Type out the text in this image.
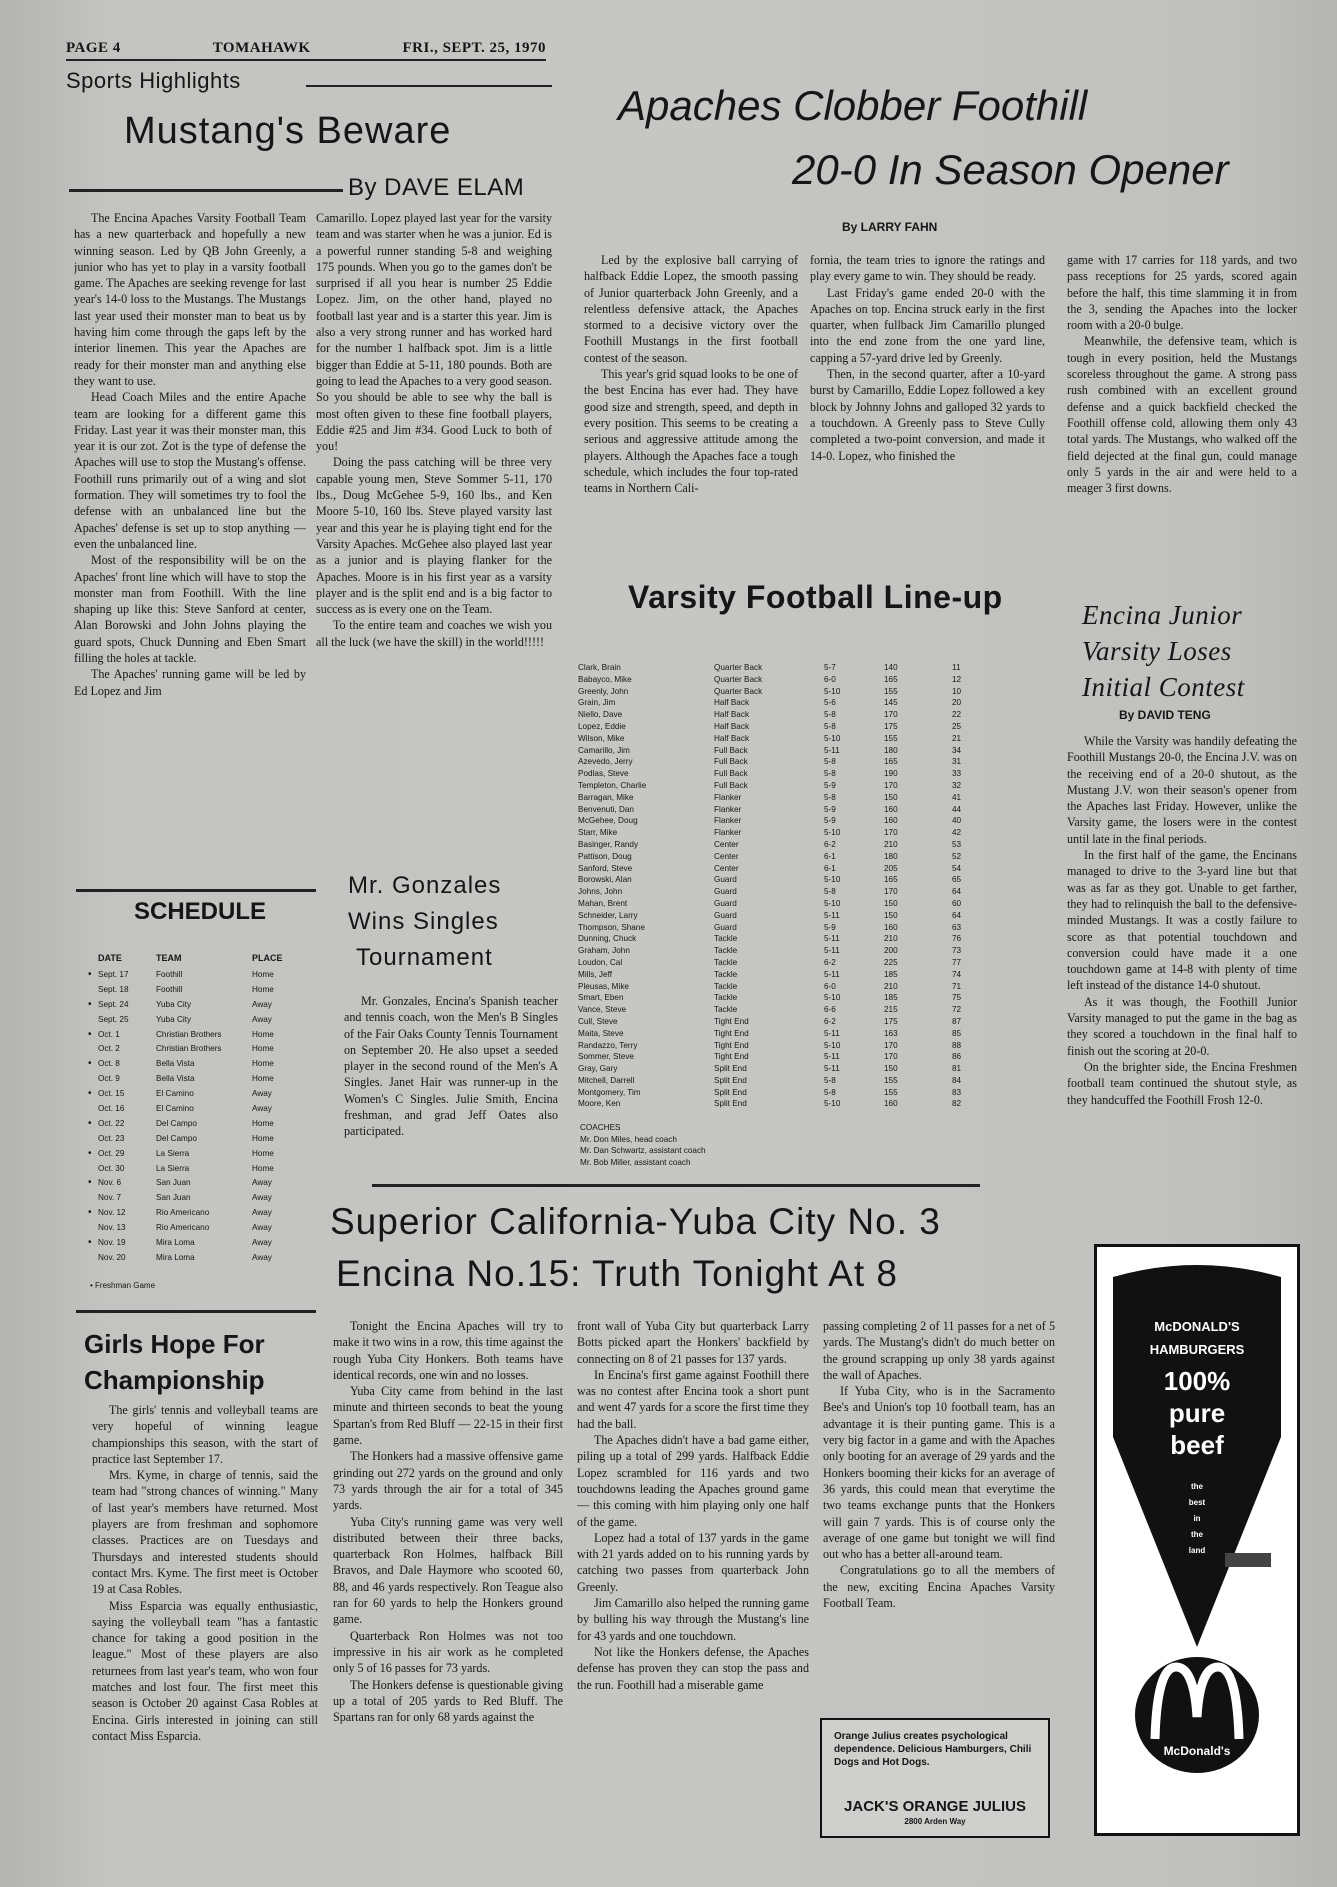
PAGE 4	TOMAHAWK	FRI., SEPT. 25, 1970
Sports Highlights
Mustang's Beware
By DAVE ELAM

The Encina Apaches Varsity Football Team has a new quarterback and hopefully a new winning season. Led by QB John Greenly, a junior who has yet to play in a varsity football game. The Apaches are seeking revenge for last year's 14-0 loss to the Mustangs. The Mustangs last year used their monster man to beat us by having him come through the gaps left by the interior linemen. This year the Apaches are ready for their monster man and anything else they want to use.

Head Coach Miles and the entire Apache team are looking for a different game this Friday. Last year it was their monster man, this year it is our zot. Zot is the type of defense the Apaches will use to stop the Mustang's offense. Foothill runs primarily out of a wing and slot formation. They will sometimes try to fool the defense with an unbalanced line but the Apaches' defense is set up to stop anything — even the unbalanced line.

Most of the responsibility will be on the Apaches' front line which will have to stop the monster man from Foothill. With the line shaping up like this: Steve Sanford at center, Alan Borowski and John Johns playing the guard spots, Chuck Dunning and Eben Smart filling the holes at tackle.

The Apaches' running game will be led by Ed Lopez and Jim

Camarillo. Lopez played last year for the varsity team and was starter when he was a junior. Ed is a powerful runner standing 5-8 and weighing 175 pounds. When you go to the games don't be surprised if all you hear is number 25 Eddie Lopez. Jim, on the other hand, played no football last year and is a starter this year. Jim is also a very strong runner and has worked hard for the number 1 halfback spot. Jim is a little bigger than Eddie at 5-11, 180 pounds. Both are going to lead the Apaches to a very good season. So you should be able to see why the ball is most often given to these fine football players, Eddie #25 and Jim #34. Good Luck to both of you!

Doing the pass catching will be three very capable young men, Steve Sommer 5-11, 170 lbs., Doug McGehee 5-9, 160 lbs., and Ken Moore 5-10, 160 lbs. Steve played varsity last year and this year he is playing tight end for the Varsity Apaches. McGehee also played last year as a junior and is playing flanker for the Apaches. Moore is in his first year as a varsity player and is the split end and is a big factor to success as is every one on the Team.

To the entire team and coaches we wish you all the luck (we have the skill) in the world!!!!!

Apaches Clobber Foothill
20-0 In Season Opener
By LARRY FAHN

Led by the explosive ball carrying of halfback Eddie Lopez, the smooth passing of Junior quarterback John Greenly, and a relentless defensive attack, the Apaches stormed to a decisive victory over the Foothill Mustangs in the first football contest of the season.

This year's grid squad looks to be one of the best Encina has ever had. They have good size and strength, speed, and depth in every position. This seems to be creating a serious and aggressive attitude among the players. Although the Apaches face a tough schedule, which includes the four top-rated teams in Northern Cali-

fornia, the team tries to ignore the ratings and play every game to win. They should be ready.

Last Friday's game ended 20-0 with the Apaches on top. Encina struck early in the first quarter, when fullback Jim Camarillo plunged into the end zone from the one yard line, capping a 57-yard drive led by Greenly.

Then, in the second quarter, after a 10-yard burst by Camarillo, Eddie Lopez followed a key block by Johnny Johns and galloped 32 yards to a touchdown. A Greenly pass to Steve Cully completed a two-point conversion, and made it 14-0. Lopez, who finished the

game with 17 carries for 118 yards, and two pass receptions for 25 yards, scored again before the half, this time slamming it in from the 3, sending the Apaches into the locker room with a 20-0 bulge.

Meanwhile, the defensive team, which is tough in every position, held the Mustangs scoreless throughout the game. A strong pass rush combined with an excellent ground defense and a quick backfield checked the Foothill offense cold, allowing them only 43 total yards. The Mustangs, who walked off the field dejected at the final gun, could manage only 5 yards in the air and were held to a meager 3 first downs.

Encina Junior
Varsity Loses
Initial Contest
By DAVID TENG

While the Varsity was handily defeating the Foothill Mustangs 20-0, the Encina J.V. was on the receiving end of a 20-0 shutout, as the Mustang J.V. won their season's opener from the Apaches last Friday. However, unlike the Varsity game, the losers were in the contest until late in the final periods.

In the first half of the game, the Encinans managed to drive to the 3-yard line but that was as far as they got. Unable to get farther, they had to relinquish the ball to the defensive-minded Mustangs. It was a costly failure to score as that potential touchdown and conversion could have made it a one touchdown game at 14-8 with plenty of time left instead of the distance 14-0 shutout.

As it was though, the Foothill Junior Varsity managed to put the game in the bag as they scored a touchdown in the final half to finish out the scoring at 20-0.

On the brighter side, the Encina Freshmen football team continued the shutout style, as they handcuffed the Foothill Frosh 12-0.

SCHEDULE
	DATE	TEAM	PLACE
•	Sept. 17	Foothill	Home
	Sept. 18	Foothill	Home
•	Sept. 24	Yuba City	Away
	Sept. 25	Yuba City	Away
•	Oct. 1	Christian Brothers	Home
	Oct. 2	Christian Brothers	Home
•	Oct. 8	Bella Vista	Home
	Oct. 9	Bella Vista	Home
•	Oct. 15	El Camino	Away
	Oct. 16	El Camino	Away
•	Oct. 22	Del Campo	Home
	Oct. 23	Del Campo	Home
•	Oct. 29	La Sierra	Home
	Oct. 30	La Sierra	Home
•	Nov. 6	San Juan	Away
	Nov. 7	San Juan	Away
•	Nov. 12	Rio Americano	Away
	Nov. 13	Rio Americano	Away
•	Nov. 19	Mira Loma	Away
	Nov. 20	Mira Loma	Away
• Freshman Game
Mr. Gonzales
Wins Singles
Tournament

Mr. Gonzales, Encina's Spanish teacher and tennis coach, won the Men's B Singles of the Fair Oaks County Tennis Tournament on September 20. He also upset a seeded player in the second round of the Men's A Singles. Janet Hair was runner-up in the Women's C Singles. Julie Smith, Encina freshman, and grad Jeff Oates also participated.

Varsity Football Line-up
Clark, Brain	Quarter Back	5-7	140	11
Babayco, Mike	Quarter Back	6-0	165	12
Greenly, John	Quarter Back	5-10	155	10
Grain, Jim	Half Back	5-6	145	20
Niello, Dave	Half Back	5-8	170	22
Lopez, Eddie	Half Back	5-8	175	25
Wilson, Mike	Half Back	5-10	155	21
Camarillo, Jim	Full Back	5-11	180	34
Azevedo, Jerry	Full Back	5-8	165	31
Podlas, Steve	Full Back	5-8	190	33
Templeton, Charlie	Full Back	5-9	170	32
Barragan, Mike	Flanker	5-8	150	41
Benvenuti, Dan	Flanker	5-9	160	44
McGehee, Doug	Flanker	5-9	160	40
Starr, Mike	Flanker	5-10	170	42
Basinger, Randy	Center	6-2	210	53
Pattison, Doug	Center	6-1	180	52
Sanford, Steve	Center	6-1	205	54
Borowski, Alan	Guard	5-10	165	65
Johns, John	Guard	5-8	170	64
Mahan, Brent	Guard	5-10	150	60
Schneider, Larry	Guard	5-11	150	64
Thompson, Shane	Guard	5-9	160	63
Dunning, Chuck	Tackle	5-11	210	76
Graham, John	Tackle	5-11	200	73
Loudon, Cal	Tackle	6-2	225	77
Mills, Jeff	Tackle	5-11	185	74
Pleusas, Mike	Tackle	6-0	210	71
Smart, Eben	Tackle	5-10	185	75
Vance, Steve	Tackle	6-6	215	72
Cull, Steve	Tight End	6-2	175	87
Maita, Steve	Tight End	5-11	163	85
Randazzo, Terry	Tight End	5-10	170	88
Sommer, Steve	Tight End	5-11	170	86
Gray, Gary	Split End	5-11	150	81
Mitchell, Darrell	Split End	5-8	155	84
Montgomery, Tim	Split End	5-8	155	83
Moore, Ken	Split End	5-10	160	82
COACHES
Mr. Don Miles, head coach
Mr. Dan Schwartz, assistant coach
Mr. Bob Miller, assistant coach
Superior California-Yuba City No. 3
Encina No.15: Truth Tonight At 8
Girls Hope For
Championship

The girls' tennis and volleyball teams are very hopeful of winning league championships this season, with the start of practice last September 17.

Mrs. Kyme, in charge of tennis, said the team had "strong chances of winning." Many of last year's members have returned. Most players are from freshman and sophomore classes. Practices are on Tuesdays and Thursdays and interested students should contact Mrs. Kyme. The first meet is October 19 at Casa Robles.

Miss Esparcia was equally enthusiastic, saying the volleyball team "has a fantastic chance for taking a good position in the league." Most of these players are also returnees from last year's team, who won four matches and lost four. The first meet this season is October 20 against Casa Robles at Encina. Girls interested in joining can still contact Miss Esparcia.

Tonight the Encina Apaches will try to make it two wins in a row, this time against the rough Yuba City Honkers. Both teams have identical records, one win and no losses.

Yuba City came from behind in the last minute and thirteen seconds to beat the young Spartan's from Red Bluff — 22-15 in their first game.

The Honkers had a massive offensive game grinding out 272 yards on the ground and only 73 yards through the air for a total of 345 yards.

Yuba City's running game was very well distributed between their three backs, quarterback Ron Holmes, halfback Bill Bravos, and Dale Haymore who scooted 60, 88, and 46 yards respectively. Ron Teague also ran for 60 yards to help the Honkers ground game.

Quarterback Ron Holmes was not too impressive in his air work as he completed only 5 of 16 passes for 73 yards.

The Honkers defense is questionable giving up a total of 205 yards to Red Bluff. The Spartans ran for only 68 yards against the

front wall of Yuba City but quarterback Larry Botts picked apart the Honkers' backfield by connecting on 8 of 21 passes for 137 yards.

In Encina's first game against Foothill there was no contest after Encina took a short punt and went 47 yards for a score the first time they had the ball.

The Apaches didn't have a bad game either, piling up a total of 299 yards. Halfback Eddie Lopez scrambled for 116 yards and two touchdowns leading the Apaches ground game — this coming with him playing only one half of the game.

Lopez had a total of 137 yards in the game with 21 yards added on to his running yards by catching two passes from quarterback John Greenly.

Jim Camarillo also helped the running game by bulling his way through the Mustang's line for 43 yards and one touchdown.

Not like the Honkers defense, the Apaches defense has proven they can stop the pass and the run. Foothill had a miserable game

passing completing 2 of 11 passes for a net of 5 yards. The Mustang's didn't do much better on the ground scrapping up only 38 yards against the wall of Apaches.

If Yuba City, who is in the Sacramento Bee's and Union's top 10 football team, has an advantage it is their punting game. This is a very big factor in a game and with the Apaches only booting for an average of 29 yards and the Honkers booming their kicks for an average of 36 yards, this could mean that everytime the two teams exchange punts that the Honkers will gain 7 yards. This is of course only the average of one game but tonight we will find out who has a better all-around team.

Congratulations go to all the members of the new, exciting Encina Apaches Varsity Football Team.

Orange Julius creates psychological dependence. Delicious Hamburgers, Chili Dogs and Hot Dogs.
JACK'S ORANGE JULIUS
2800 Arden Way
McDONALD'S
HAMBURGERS
100%
pure
beef
the
best
in
the
land
McDonald's
